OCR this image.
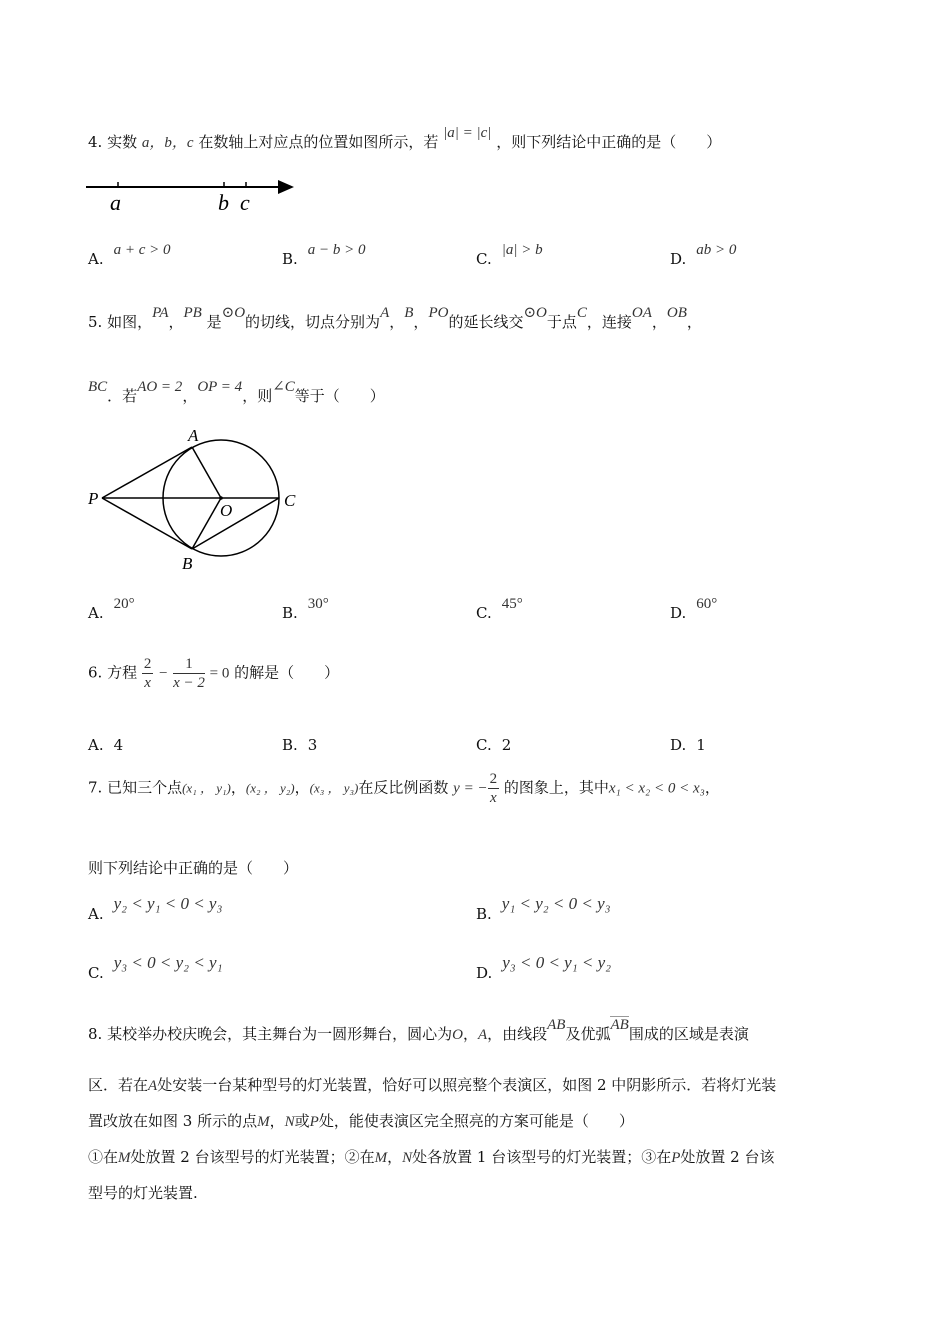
4. 实数 a，b，c 在数轴上对应点的位置如图所示，若 |a| = |c| ，则下列结论中正确的是（　　）
a	b c
A. a + c > 0	B. a − b > 0	C. |a| > b	D. ab > 0
5. 如图，PA，PB 是⊙O的切线，切点分别为A，B，PO的延长线交⊙O于点C，连接OA，OB，
BC．若AO = 2，OP = 4，则∠C等于（　　）
A
P
O
C
B
A. 20°	B. 30°	C. 45°	D. 60°
6. 方程 $\frac{2}{x} - \frac{1}{x - 2} = 0$ 的解是（　　）
A. 4	B. 3	C. 2	D. 1
7. 已知三个点(x₁ ， y₁)，(x₂ ， y₂)，(x₃ ， y₃)在反比例函数 y = − $\frac{2}{x}$ 的图象上，其中x₁ < x₂ < 0 < x₃，
则下列结论中正确的是（　　）
A.y₂ < y₁ < 0 < y₃
B.y₁ < y₂ < 0 < y₃
C.y₃ < 0 < y₂ < y₁
D.y₃ < 0 < y₁ < y₂
8. 某校举办校庆晚会，其主舞台为一圆形舞台，圆心为O，A，由线段AB及优弧AB围成的区域是表演
区．若在A处安装一台某种型号的灯光装置，恰好可以照亮整个表演区，如图 2 中阴影所示．若将灯光装
置改放在如图 3 所示的点M，N或P处，能使表演区完全照亮的方案可能是（　　）
①在M处放置 2 台该型号的灯光装置；②在M，N处各放置 1 台该型号的灯光装置；③在P处放置 2 台该
型号的灯光装置.
